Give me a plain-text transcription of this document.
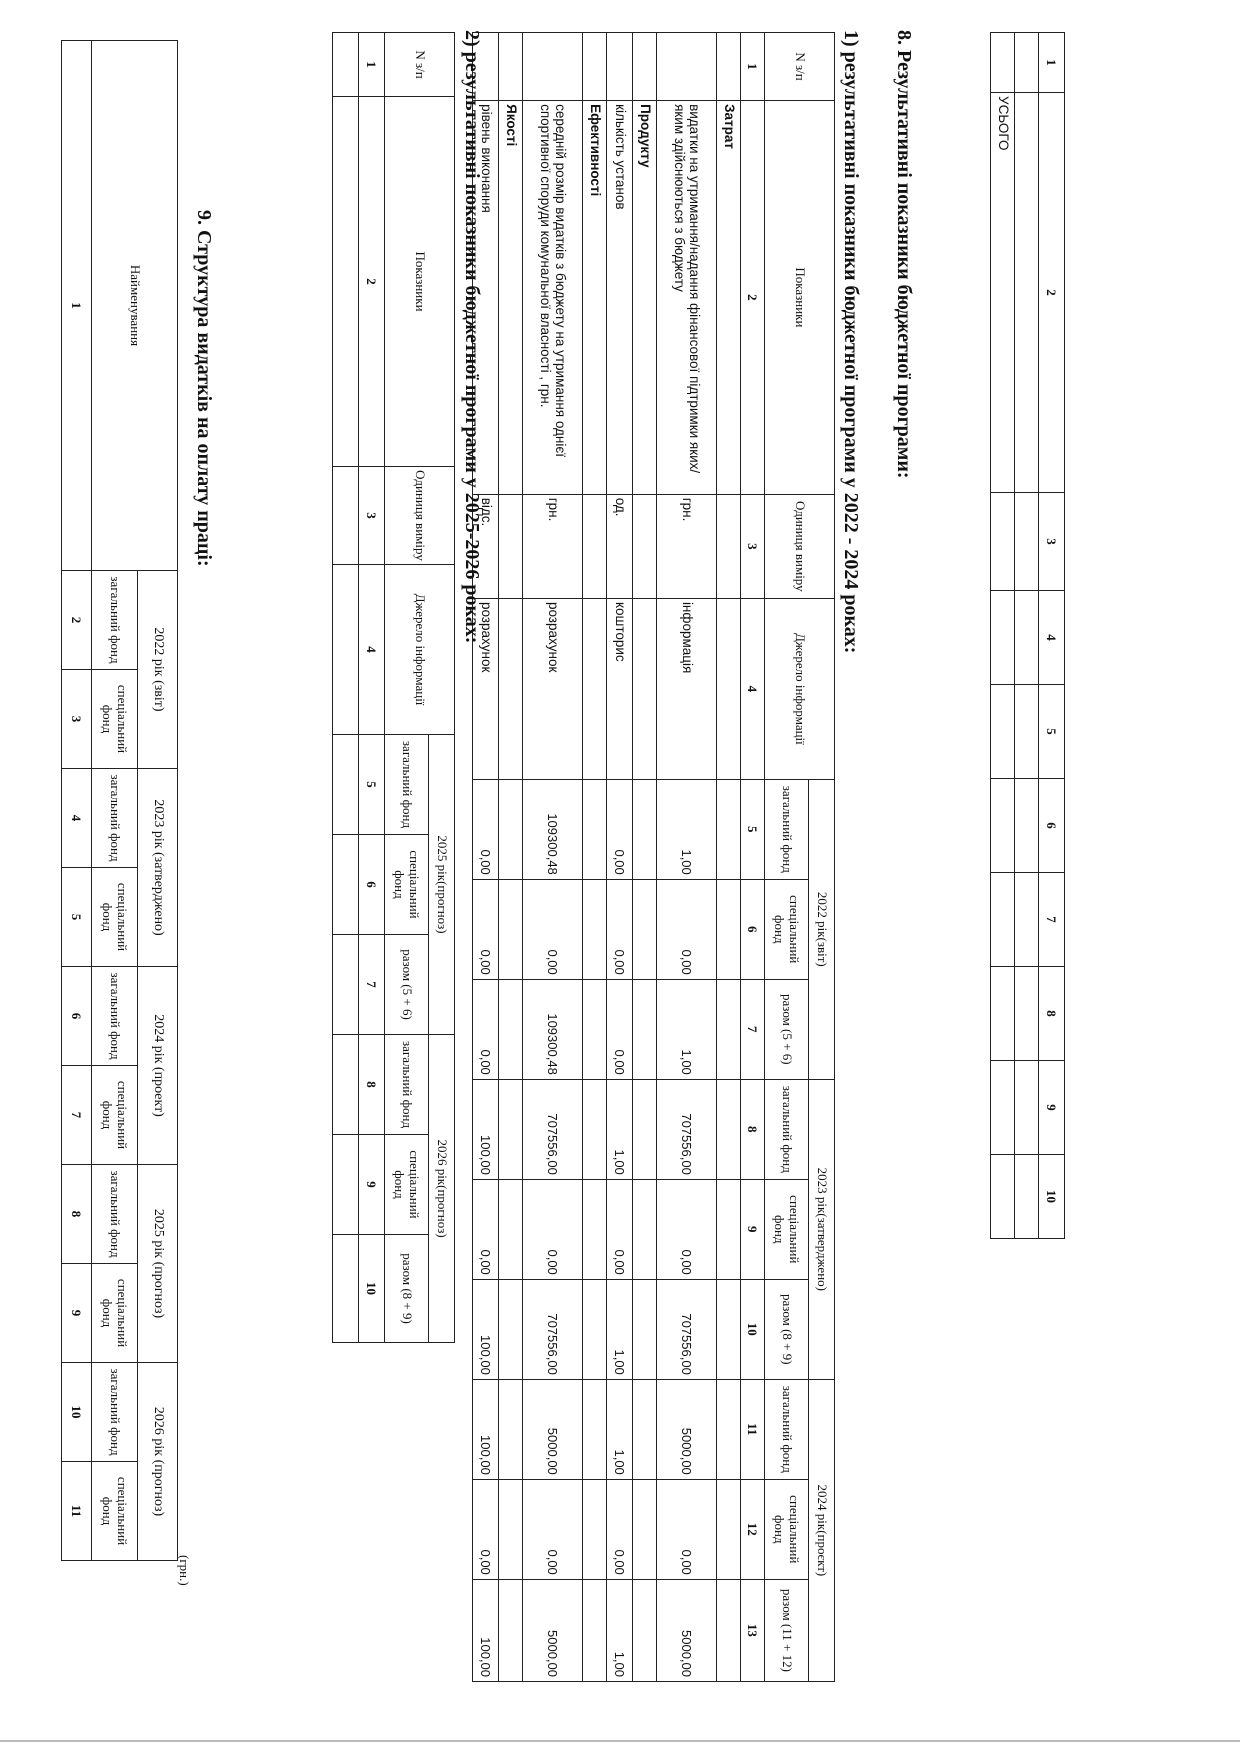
1	2	3	4	5	6	7	8	9	10

	УСЬОГО								
8. Результативні показники бюджетної програми:
1) результативні показники бюджетної програми у 2022 - 2024 роках:
N з/п	Показники	Одиниця виміру	Джерело інформації	2022 рік(звіт)			2023 рік(затверджено)			2024 рік(проєкт)		
				загальний фонд	спеціальний фонд	разом (5 + 6)	загальний фонд	спеціальний фонд	разом (8 + 9)	загальний фонд	спеціальний фонд	разом (11 + 12)
1	2	3	4	5	6	7	8	9	10	11	12	13
	Затрат											
	видатки на утримання/надання фінансової підтримки яких/яким здійснюються з бюджету	грн.	інформація	1,00	0,00	1,00	707556,00	0,00	707556,00	5000,00	0,00	5000,00
	Продукту											
	кількість установ	од.	кошторис	0,00	0,00	0,00	1,00	0,00	1,00	1,00	0,00	1,00
	Ефективності											
	середній розмір видатків з бюджету на утримання однієї спортивної споруди комунальної власності , грн.	грн.	розрахунок	109300,48	0,00	109300,48	707556,00	0,00	707556,00	5000,00	0,00	5000,00
	Якості											
	рівень виконання	відс.	розрахунок	0,00	0,00	0,00	100,00	0,00	100,00	100,00	0,00	100,00
2) результативні показники бюджетної програми у 2025-2026 роках:
N з/п	Показники	Одиниця виміру	Джерело інформації	2025 рік(прогноз)			2026 рік(прогноз)		
				загальний фонд	спеціальний фонд	разом (5 + 6)	загальний фонд	спеціальний фонд	разом (8 + 9)
1	2	3	4	5	6	7	8	9	10

9. Структура видатків на оплату праці:
(грн.)
Найменування	2022 рік (звіт)		2023 рік (затверджено)		2024 рік (проект)		2025 рік (прогноз)		2026 рік (прогноз)	
	загальний фонд	спеціальний фонд	загальний фонд	спеціальний фонд	загальний фонд	спеціальний фонд	загальний фонд	спеціальний фонд	загальний фонд	спеціальний фонд
1	2	3	4	5	6	7	8	9	10	11
